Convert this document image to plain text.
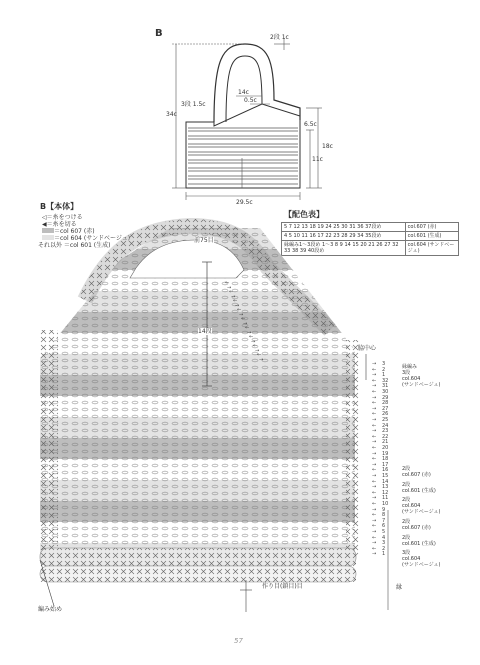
B	2段 1c
14c
0.5c
3段 1.5c
34c
6.5c
18c
11c
29.5c
B【本体】
◁＝糸をつける
◀＝糸を切る
＝col 607 (赤)
＝col 604 (サンドベージュ)
それ以外 ＝col 601 (生成)
【配色表】
5 7 12 13 18 19 24 25 30 31 36 37段め	col.607 (赤)
4 5 10 11 16 17 22 23 28 29 34 35段め	col.601 (生成)
縁編み1～3段め 1～3 8 9 14 15 20 21 26 27 32 33 38 39 40段め	col.604 (サンドベージュ)
前75目
14段
脇中心
作り目(鎖目)目
編み始め
縁
57
→ 3
← 2
→ 1
← 32
→ 31
← 30
→ 29
← 28
→ 27
← 26
→ 25
← 24
→ 23
← 22
→ 21
← 20
→ 19
← 18
→ 17
← 16
→ 15
← 14
→ 13
← 12
→ 11
← 10
→ 9
← 8
→ 7
← 6
→ 5
← 4
→ 3
← 2
→ 1
←
→
←
→
←
→
←
→
←
→
←
→
←
→
←
→
←
→
縁編み
3段
col.604
(サンドベージュ)
2段
col.607 (赤)
2段
col.601 (生成)
2段
col.604
(サンドベージュ)
2段
col.607 (赤)
2段
col.601 (生成)
3段
col.604
(サンドベージュ)
